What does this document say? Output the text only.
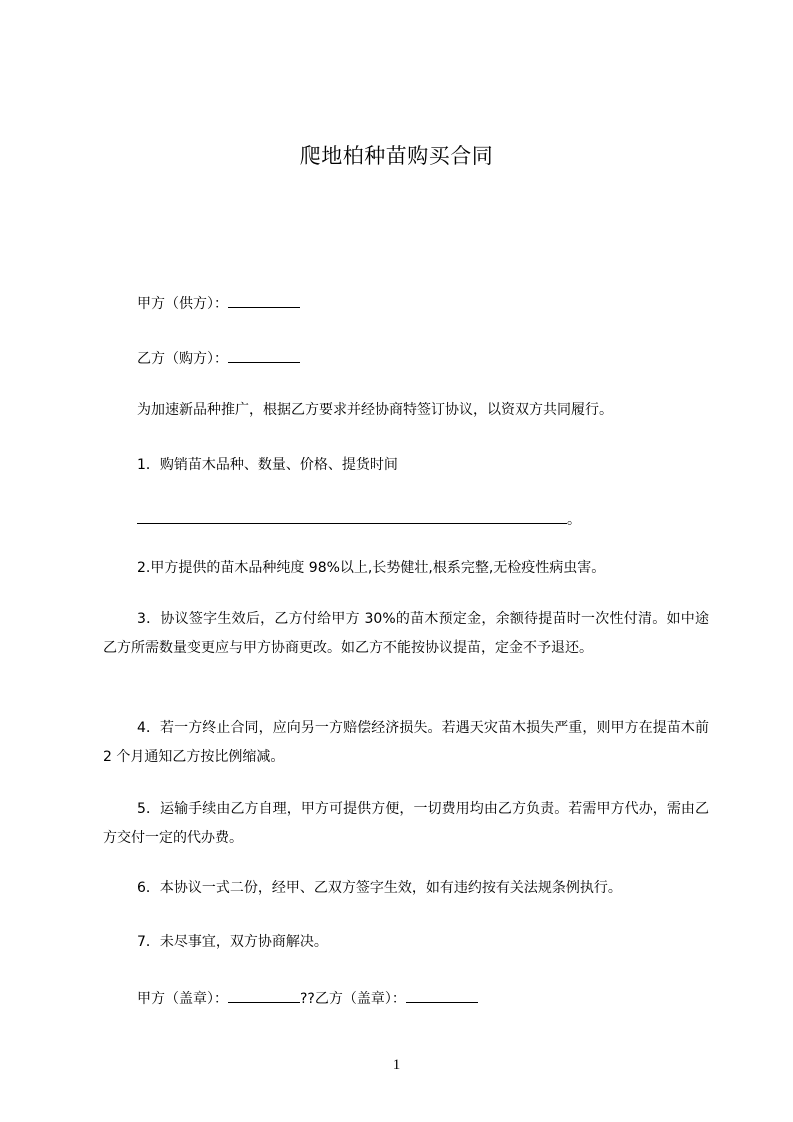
爬地柏种苗购买合同
甲方（供方）：
乙方（购方）：
为加速新品种推广，根据乙方要求并经协商特签订协议，以资双方共同履行。
1．购销苗木品种、数量、价格、提货时间
。
2.甲方提供的苗木品种纯度 98%以上,长势健壮,根系完整,无检疫性病虫害。
3．协议签字生效后，乙方付给甲方 30%的苗木预定金，余额待提苗时一次性付清。如中途乙方所需数量变更应与甲方协商更改。如乙方不能按协议提苗，定金不予退还。
4．若一方终止合同，应向另一方赔偿经济损失。若遇天灾苗木损失严重，则甲方在提苗木前 2 个月通知乙方按比例缩减。
5．运输手续由乙方自理，甲方可提供方便，一切费用均由乙方负责。若需甲方代办，需由乙方交付一定的代办费。
6．本协议一式二份，经甲、乙双方签字生效，如有违约按有关法规条例执行。
7．未尽事宜，双方协商解决。
甲方（盖章）：	??乙方（盖章）：
1
